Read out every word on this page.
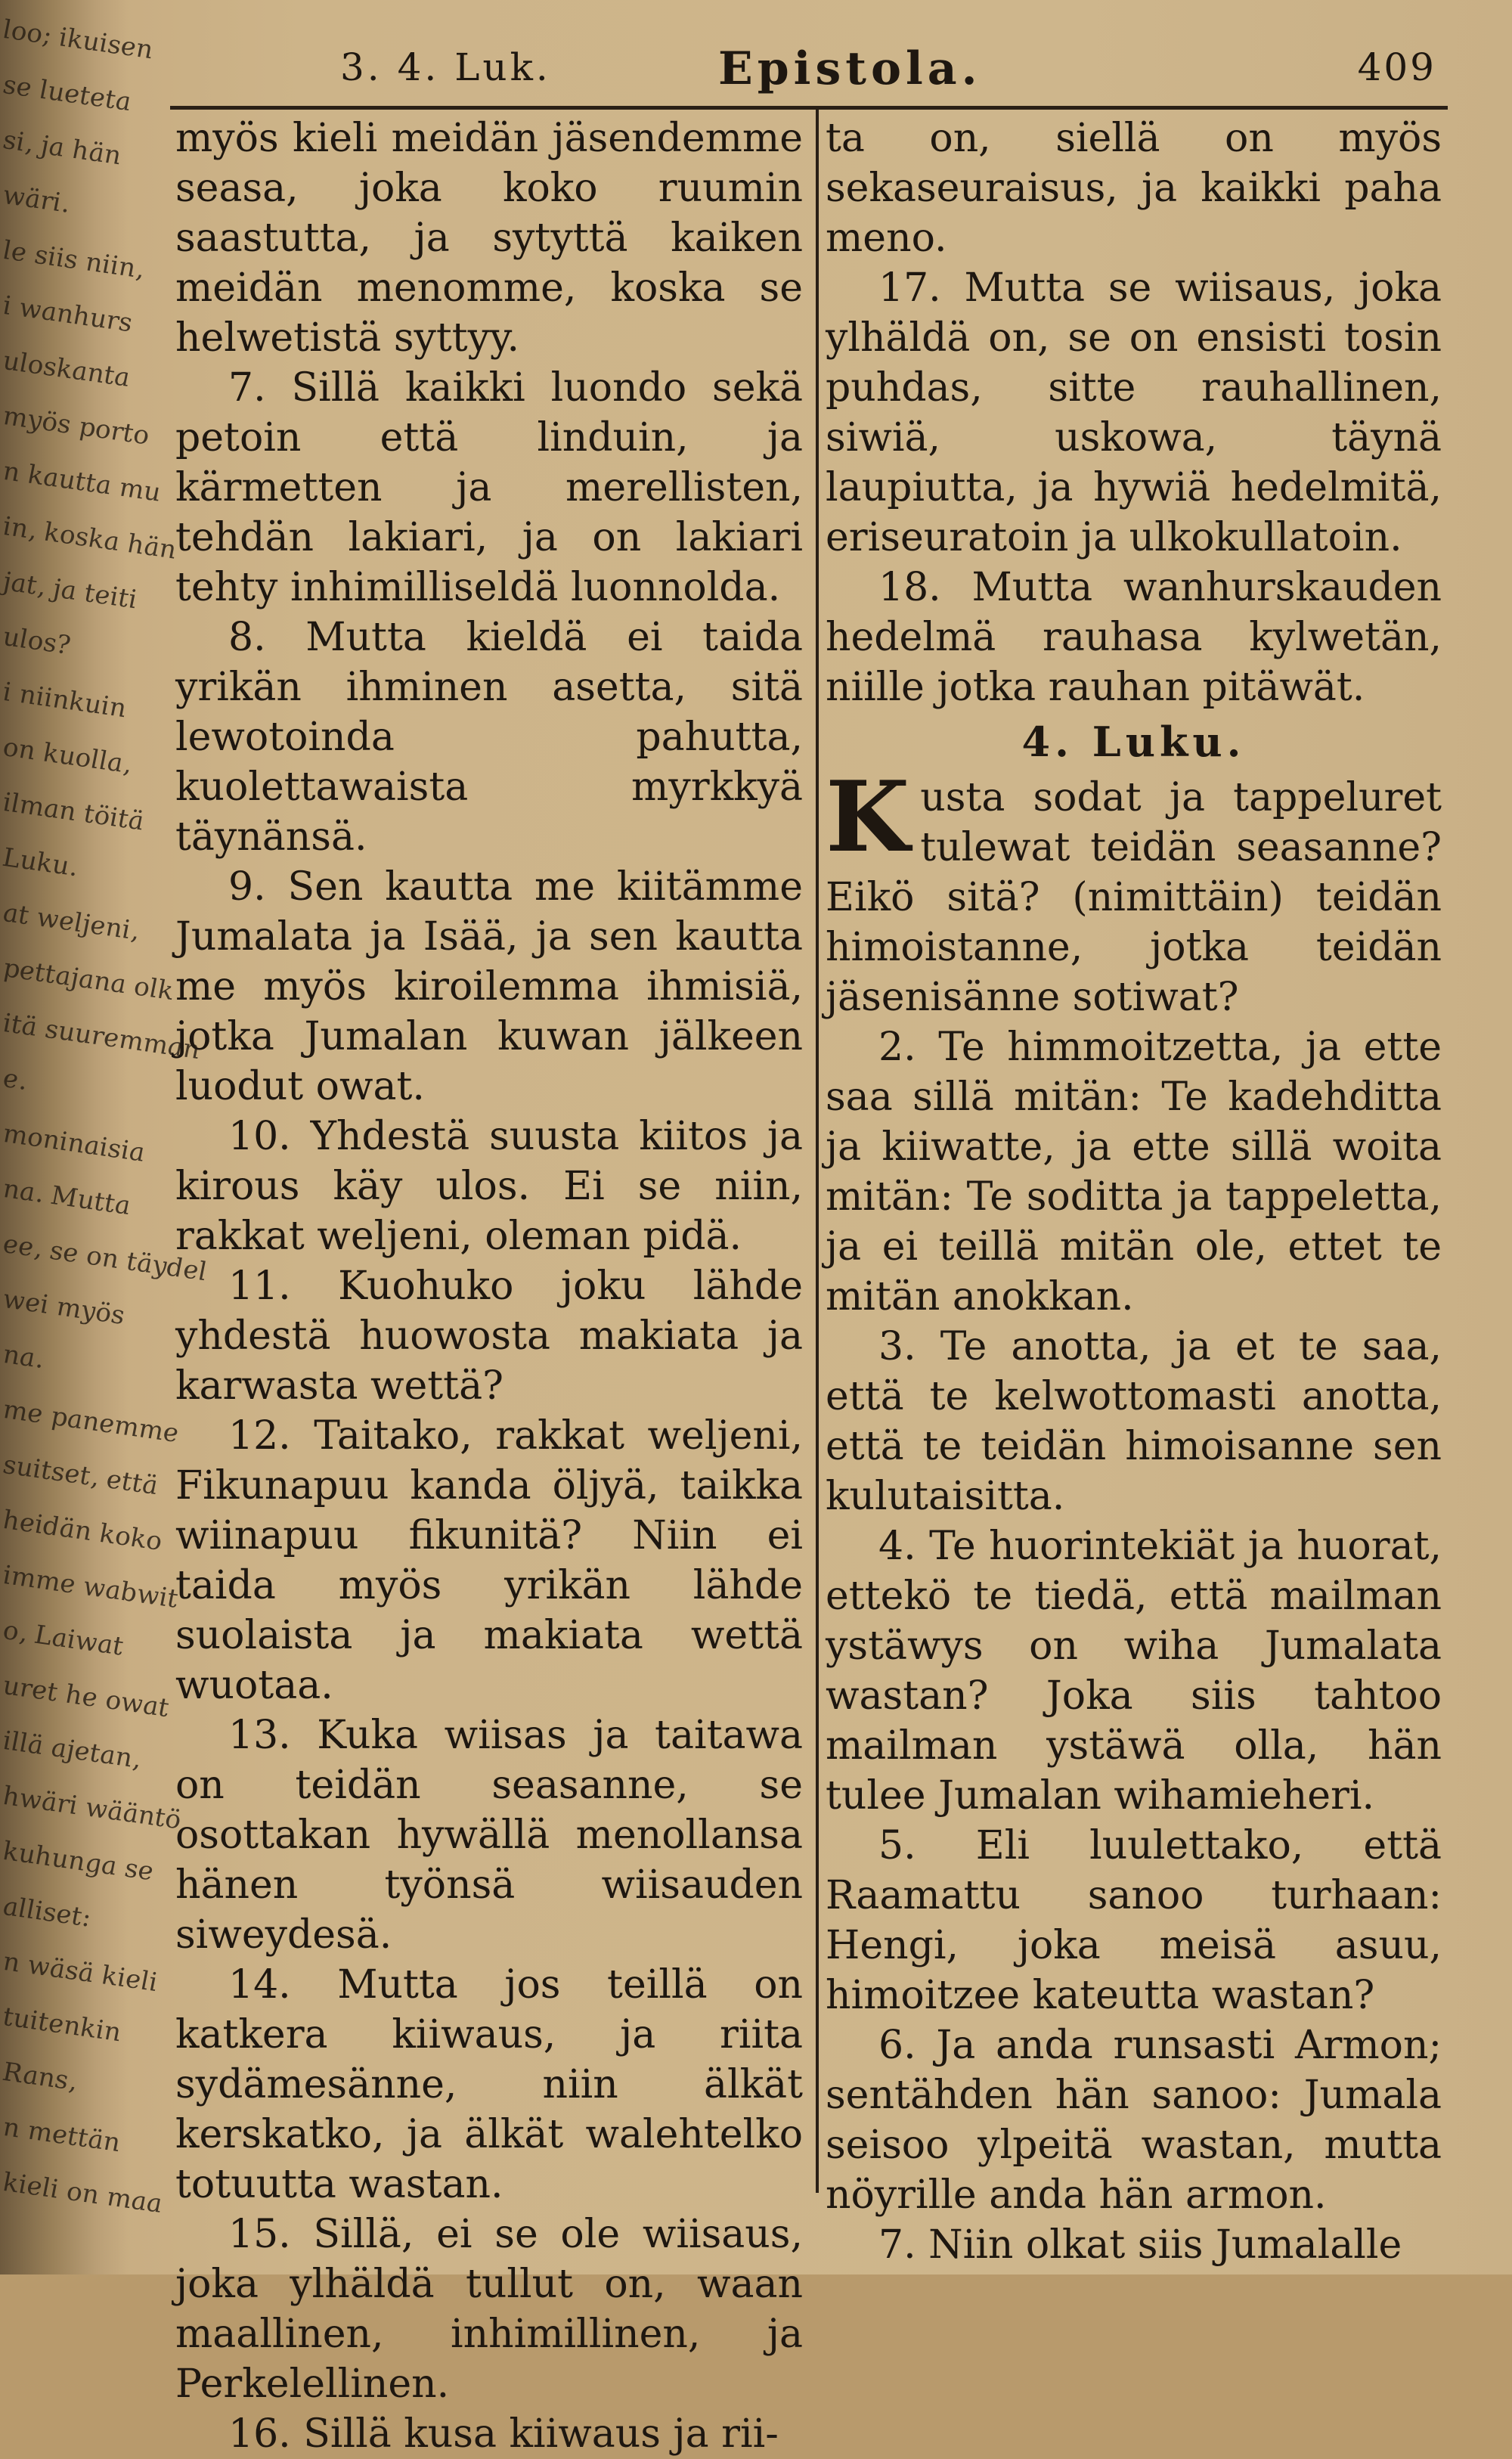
loo; ikuisen
se lueteta
si, ja hän
wäri.
le siis niin,
i wanhurs
uloskanta
myös porto
n kautta mu
in, koska hän
jat, ja teiti
ulos?
i niinkuin
on kuolla,
ilman töitä
Luku.
at weljeni,
pettajana olk
itä suuremman
e.
moninaisia
na. Mutta
ee, se on täydel
wei myös
na.
me panemme
suitset, että
heidän koko
imme wabwit
o, Laiwat
uret he owat
illä ajetan,
hwäri wääntö
kuhunga se
alliset:
n wäsä kieli
tuitenkin
Rans,
n mettän
kieli on maa
3. 4. Luk.	Epistola.	409

myös kieli meidän jäsendemme seasa, joka koko ruumin saastutta, ja sytyttä kaiken meidän menomme, koska se helwetistä syttyy.

7. Sillä kaikki luondo sekä petoin että linduin, ja kärmetten ja merellisten, tehdän lakiari, ja on lakiari tehty inhimilliseldä luonnolda.

8. Mutta kieldä ei taida yrikän ihminen asetta, sitä lewotoinda pahutta, kuolettawaista myrkkyä täynänsä.

9. Sen kautta me kiitämme Jumalata ja Isää, ja sen kautta me myös kiroilemma ihmisiä, jotka Jumalan kuwan jälkeen luodut owat.

10. Yhdestä suusta kiitos ja kirous käy ulos. Ei se niin, rakkat weljeni, oleman pidä.

11. Kuohuko joku lähde yhdestä huowosta makiata ja karwasta wettä?

12. Taitako, rakkat weljeni, Fikunapuu kanda öljyä, taikka wiinapuu fikunitä? Niin ei taida myös yrikän lähde suolaista ja makiata wettä wuotaa.

13. Kuka wiisas ja taitawa on teidän seasanne, se osottakan hywällä menollansa hänen työnsä wiisauden siweydesä.

14. Mutta jos teillä on katkera kiiwaus, ja riita sydämesänne, niin älkät kerskatko, ja älkät walehtelko totuutta wastan.

15. Sillä, ei se ole wiisaus, joka ylhäldä tullut on, waan maallinen, inhimillinen, ja Perkelellinen.

16. Sillä kusa kiiwaus ja rii-

ta on, siellä on myös sekaseuraisus, ja kaikki paha meno.

17. Mutta se wiisaus, joka ylhäldä on, se on ensisti tosin puhdas, sitte rauhallinen, siwiä, uskowa, täynä laupiutta, ja hywiä hedelmitä, eriseuratoin ja ulkokullatoin.

18. Mutta wanhurskauden hedelmä rauhasa kylwetän, niille jotka rauhan pitäwät.

4. Luku.

Kusta sodat ja tappeluret tulewat teidän seasanne? Eikö sitä? (nimittäin) teidän himoistanne, jotka teidän jäsenisänne sotiwat?

2. Te himmoitzetta, ja ette saa sillä mitän: Te kadehditta ja kiiwatte, ja ette sillä woita mitän: Te soditta ja tappeletta, ja ei teillä mitän ole, ettet te mitän anokkan.

3. Te anotta, ja et te saa, että te kelwottomasti anotta, että te teidän himoisanne sen kulutaisitta.

4. Te huorintekiät ja huorat, ettekö te tiedä, että mailman ystäwys on wiha Jumalata wastan? Joka siis tahtoo mailman ystäwä olla, hän tulee Jumalan wihamieheri.

5. Eli luulettako, että Raamattu sanoo turhaan: Hengi, joka meisä asuu, himoitzee kateutta wastan?

6. Ja anda runsasti Armon; sentähden hän sanoo: Jumala seisoo ylpeitä wastan, mutta nöyrille anda hän armon.

7. Niin olkat siis Jumalalle
